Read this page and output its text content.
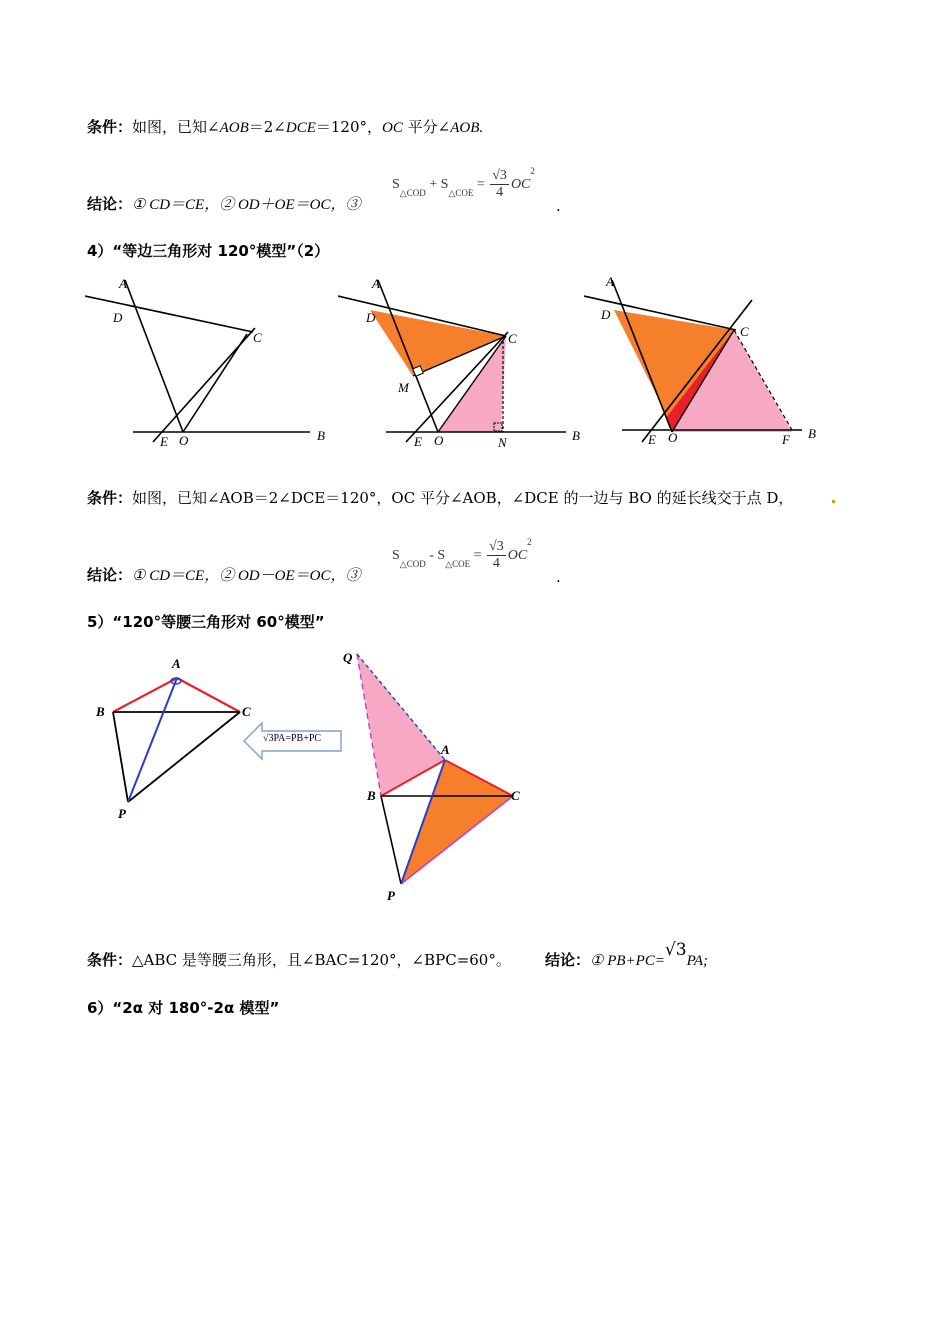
条件：如图，已知∠AOB＝2∠DCE＝120°，OC 平分∠AOB.
结论：① CD＝CE，② OD＋OE＝OC，③
$S_{\triangle COD} + S_{\triangle COE} = \frac{√3}{4} OC^2$
.
4）“等边三角形对 120°模型”（2）
A
D
C
E O	B
A
D
C
M
E O	N	B
A
D
C
E O	F B
条件：如图，已知∠AOB＝2∠DCE＝120°，OC 平分∠AOB，∠DCE 的一边与 BO 的延长线交于点 D，
结论：① CD＝CE，② OD－OE＝OC，③
$S_{\triangle COD} - S_{\triangle COE} = \frac{√3}{4} OC^2$
.
5）“120°等腰三角形对 60°模型”
A
B	C
P
√3PA=PB+PC
Q
A
B	C
P
条件：△ABC 是等腰三角形，且∠BAC=120°，∠BPC=60°。 结论：① PB+PC=√3PA;
6）“2α 对 180°-2α 模型”
